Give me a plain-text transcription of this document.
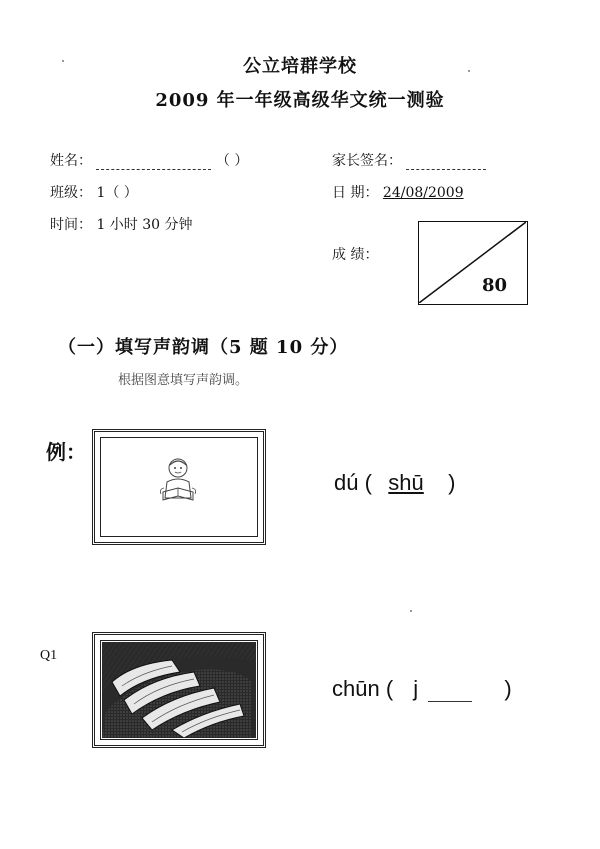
公立培群学校
2009 年一年级高级华文统一测验
姓名：	（ ）
班级： 1（ ）
时间： 1 小时 30 分钟
家长签名：
日 期： 24/08/2009
成 绩：
80
（一）填写声韵调（5 题 10 分）
根据图意填写声韵调。
例：
dú ( shū )
Q1
chūn ( j	)
